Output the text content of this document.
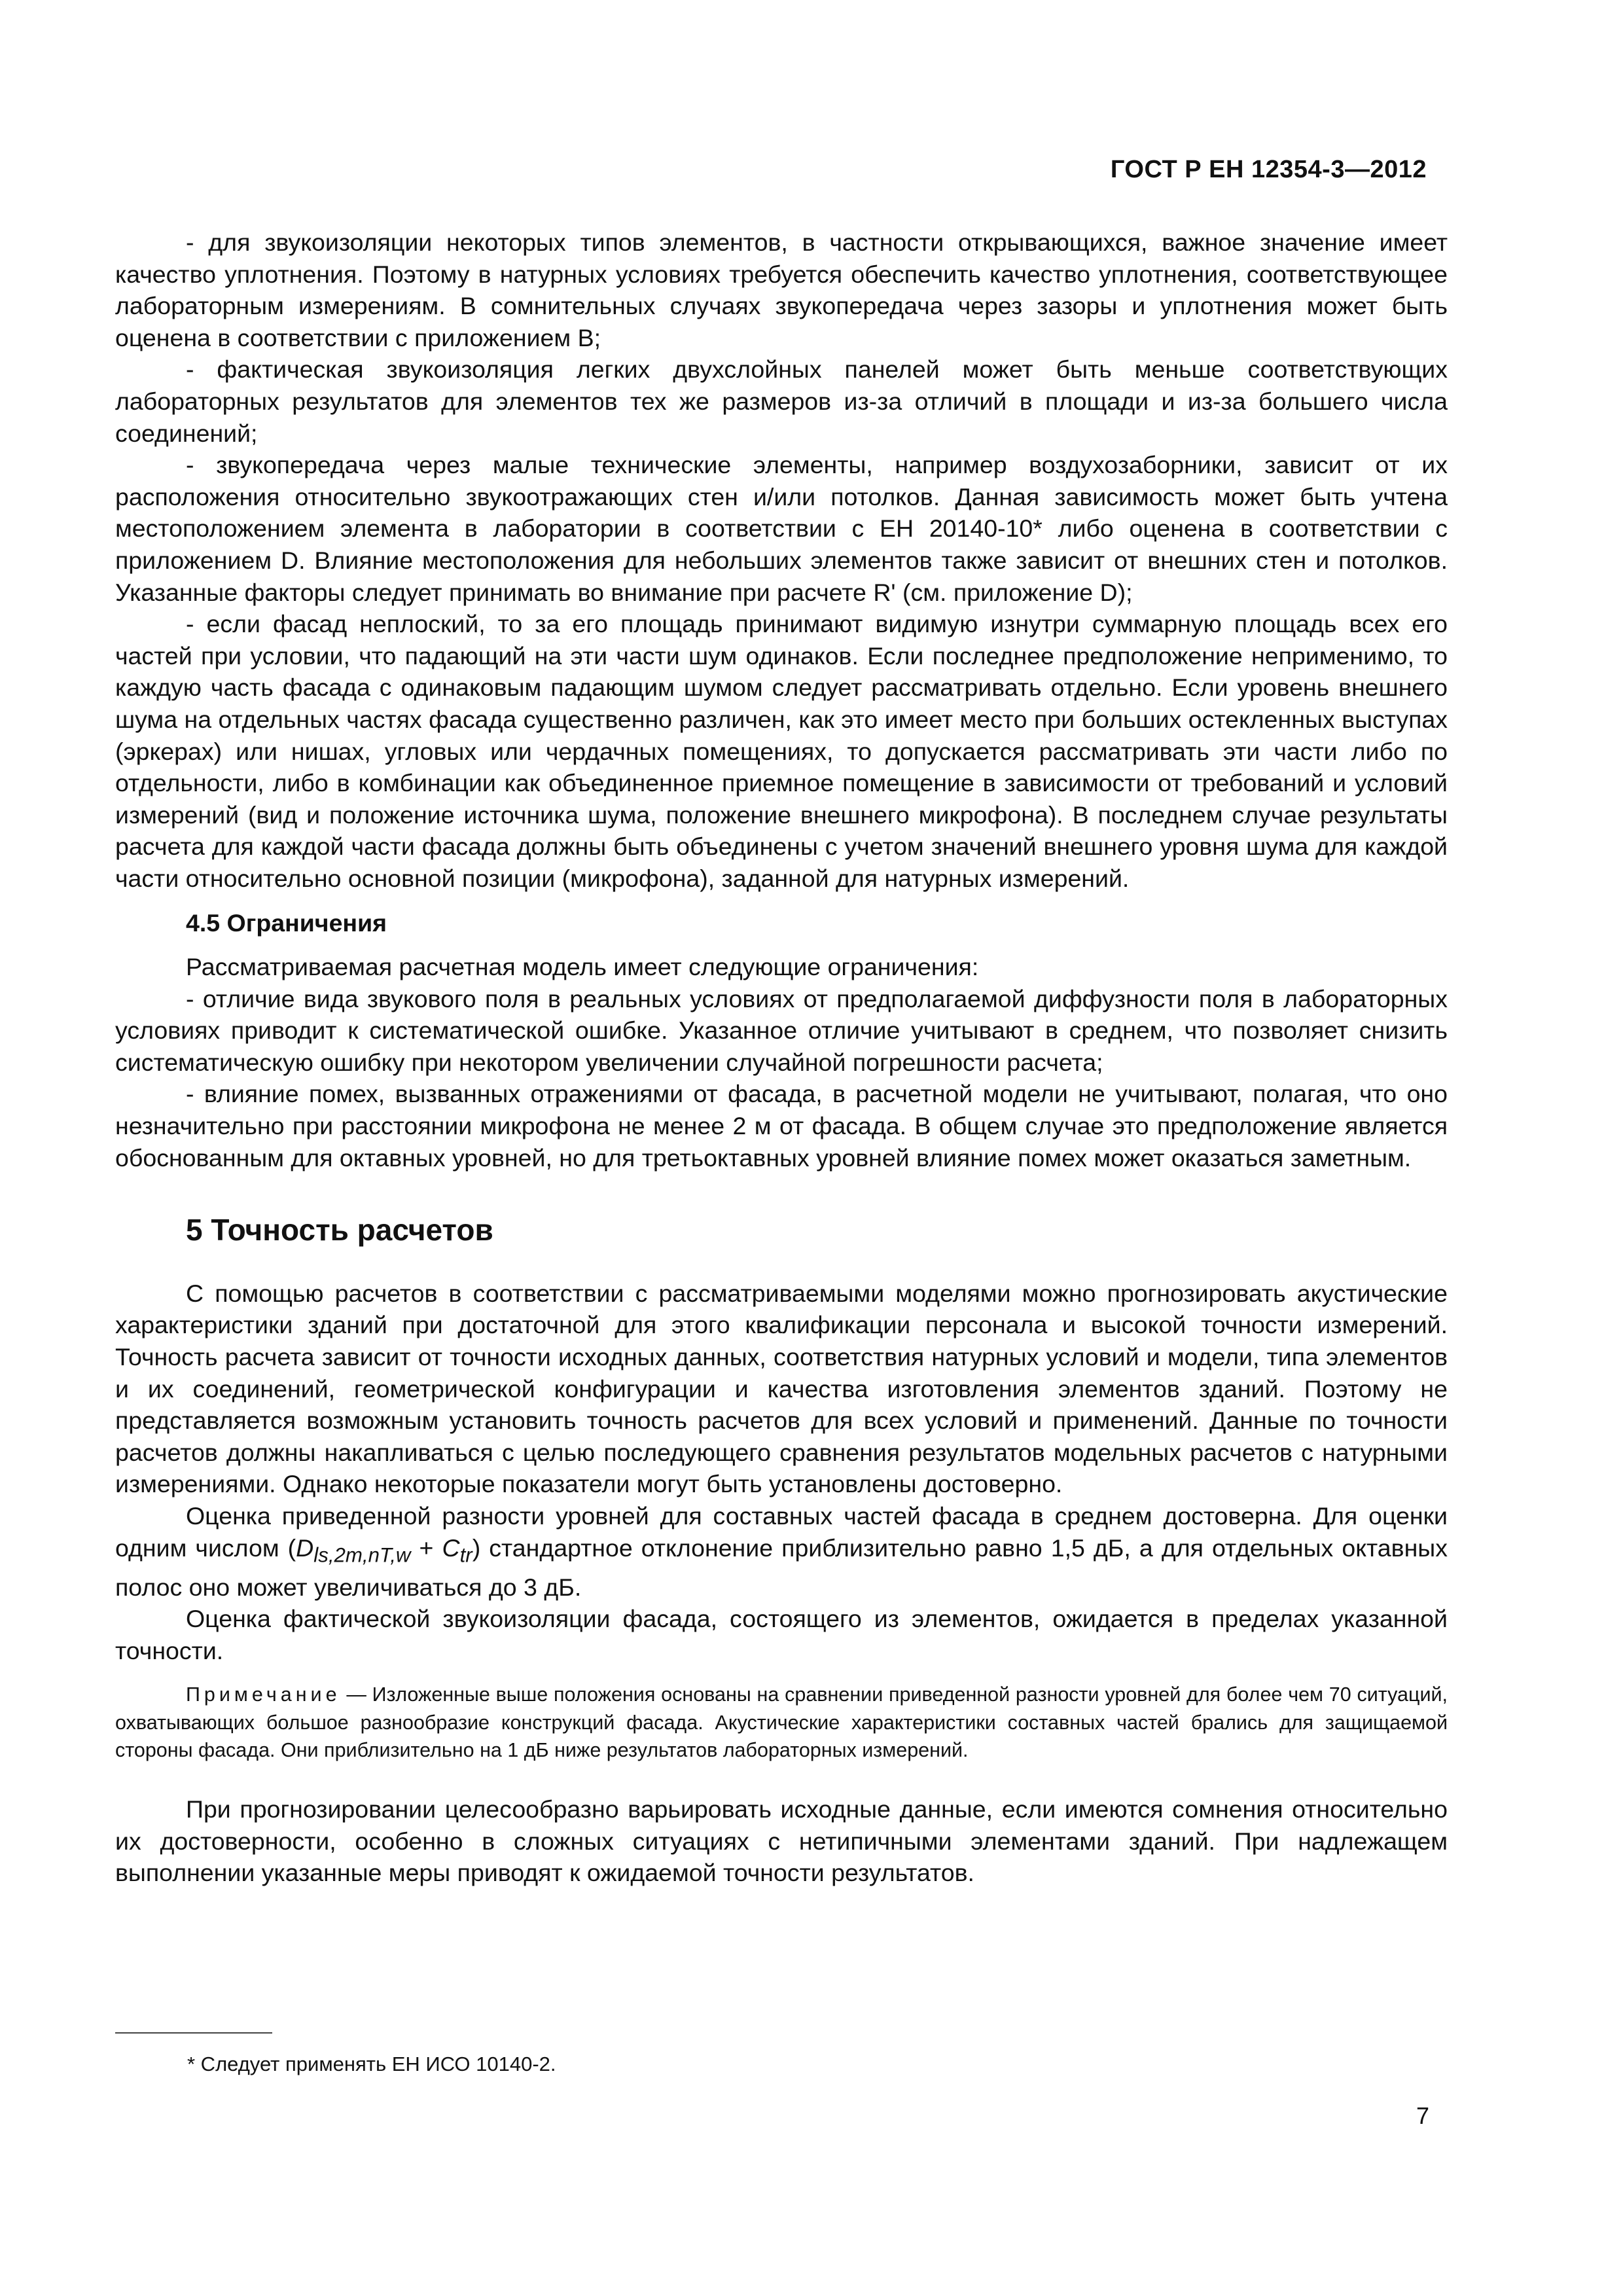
ГОСТ Р ЕН 12354-3—2012

- для звукоизоляции некоторых типов элементов, в частности открывающихся, важное значение имеет качество уплотнения. Поэтому в натурных условиях требуется обеспечить качество уплотнения, соответствующее лабораторным измерениям. В сомнительных случаях звукопередача через зазоры и уплотнения может быть оценена в соответствии с приложением В;

- фактическая звукоизоляция легких двухслойных панелей может быть меньше соответствующих лабораторных результатов для элементов тех же размеров из-за отличий в площади и из-за большего числа соединений;

- звукопередача через малые технические элементы, например воздухозаборники, зависит от их расположения относительно звукоотражающих стен и/или потолков. Данная зависимость может быть учтена местоположением элемента в лаборатории в соответствии с ЕН 20140-10* либо оценена в соответствии с приложением D. Влияние местоположения для небольших элементов также зависит от внешних стен и потолков. Указанные факторы следует принимать во внимание при расчете R' (см. приложение D);

- если фасад неплоский, то за его площадь принимают видимую изнутри суммарную площадь всех его частей при условии, что падающий на эти части шум одинаков. Если последнее предположение неприменимо, то каждую часть фасада с одинаковым падающим шумом следует рассматривать отдельно. Если уровень внешнего шума на отдельных частях фасада существенно различен, как это имеет место при больших остекленных выступах (эркерах) или нишах, угловых или чердачных помещениях, то допускается рассматривать эти части либо по отдельности, либо в комбинации как объединенное приемное помещение в зависимости от требований и условий измерений (вид и положение источника шума, положение внешнего микрофона). В последнем случае результаты расчета для каждой части фасада должны быть объединены с учетом значений внешнего уровня шума для каждой части относительно основной позиции (микрофона), заданной для натурных измерений.

4.5 Ограничения

Рассматриваемая расчетная модель имеет следующие ограничения:

- отличие вида звукового поля в реальных условиях от предполагаемой диффузности поля в лабораторных условиях приводит к систематической ошибке. Указанное отличие учитывают в среднем, что позволяет снизить систематическую ошибку при некотором увеличении случайной погрешности расчета;

- влияние помех, вызванных отражениями от фасада, в расчетной модели не учитывают, полагая, что оно незначительно при расстоянии микрофона не менее 2 м от фасада. В общем случае это предположение является обоснованным для октавных уровней, но для третьоктавных уровней влияние помех может оказаться заметным.

5 Точность расчетов

С помощью расчетов в соответствии с рассматриваемыми моделями можно прогнозировать акустические характеристики зданий при достаточной для этого квалификации персонала и высокой точности измерений. Точность расчета зависит от точности исходных данных, соответствия натурных условий и модели, типа элементов и их соединений, геометрической конфигурации и качества изготовления элементов зданий. Поэтому не представляется возможным установить точность расчетов для всех условий и применений. Данные по точности расчетов должны накапливаться с целью последующего сравнения результатов модельных расчетов с натурными измерениями. Однако некоторые показатели могут быть установлены достоверно.

Оценка приведенной разности уровней для составных частей фасада в среднем достоверна. Для оценки одним числом $(D_{ls,2m,nT,w} + C_{tr})$ стандартное отклонение приблизительно равно 1,5 дБ, а для отдельных октавных полос оно может увеличиваться до 3 дБ.

Оценка фактической звукоизоляции фасада, состоящего из элементов, ожидается в пределах указанной точности.

Примечание — Изложенные выше положения основаны на сравнении приведенной разности уровней для более чем 70 ситуаций, охватывающих большое разнообразие конструкций фасада. Акустические характеристики составных частей брались для защищаемой стороны фасада. Они приблизительно на 1 дБ ниже результатов лабораторных измерений.

При прогнозировании целесообразно варьировать исходные данные, если имеются сомнения относительно их достоверности, особенно в сложных ситуациях с нетипичными элементами зданий. При надлежащем выполнении указанные меры приводят к ожидаемой точности результатов.

* Следует применять ЕН ИСО 10140-2.
7
